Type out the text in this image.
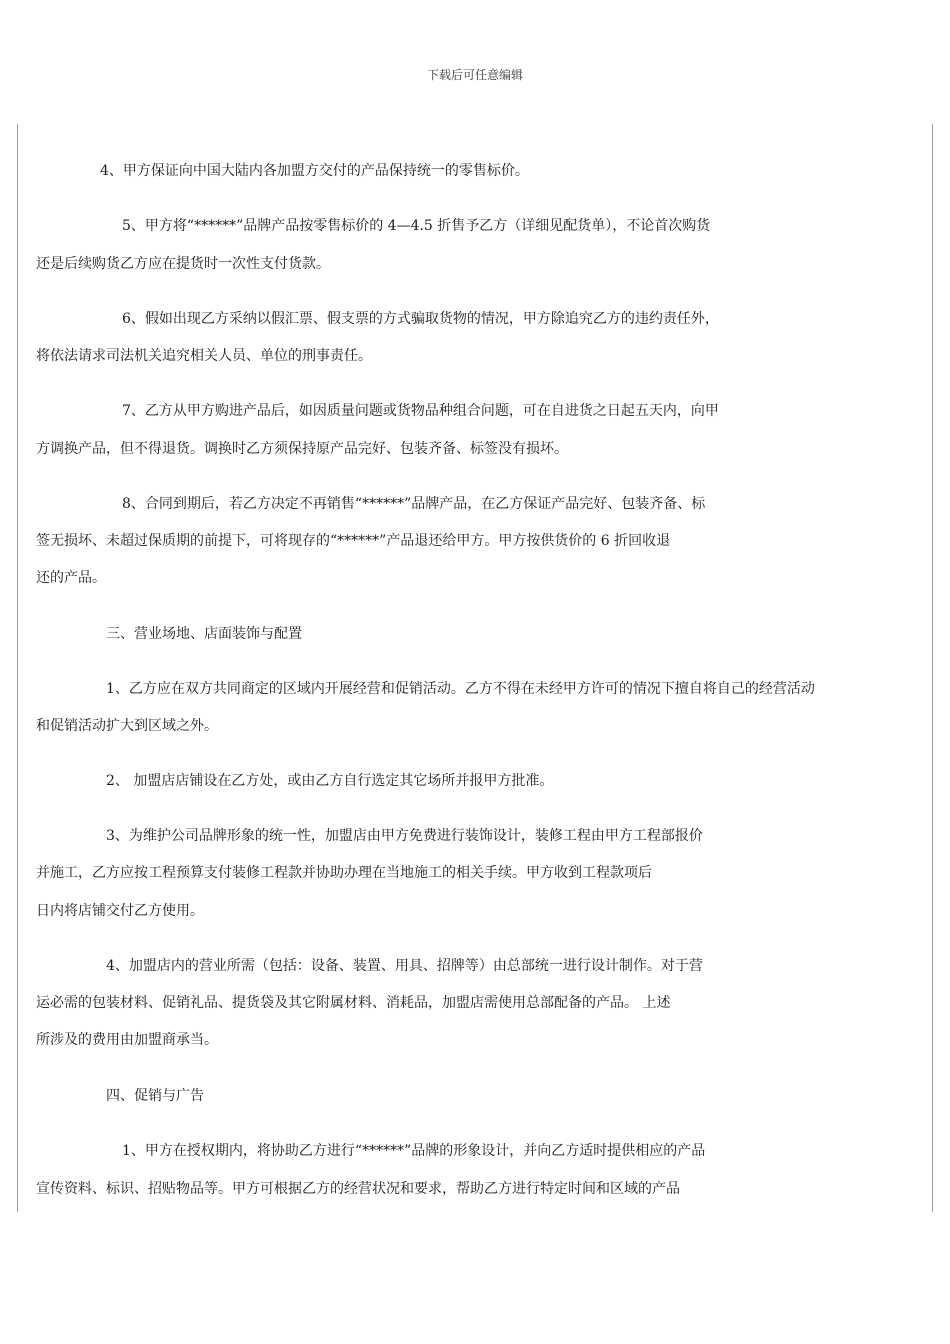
下载后可任意编辑
4、甲方保证向中国大陆内各加盟方交付的产品保持统一的零售标价。
5、甲方将“******”品牌产品按零售标价的 4—4.5 折售予乙方（详细见配货单），不论首次购货
还是后续购货乙方应在提货时一次性支付货款。
6、假如出现乙方采纳以假汇票、假支票的方式骗取货物的情况，甲方除追究乙方的违约责任外，
将依法请求司法机关追究相关人员、单位的刑事责任。
7、乙方从甲方购进产品后，如因质量问题或货物品种组合问题，可在自进货之日起五天内，向甲
方调换产品，但不得退货。调换时乙方须保持原产品完好、包装齐备、标签没有损坏。
8、合同到期后，若乙方决定不再销售“******”品牌产品，在乙方保证产品完好、包装齐备、标
签无损坏、未超过保质期的前提下，可将现存的“******”产品退还给甲方。甲方按供货价的 6 折回收退
还的产品。
三、营业场地、店面装饰与配置
1、乙方应在双方共同商定的区域内开展经营和促销活动。乙方不得在未经甲方许可的情况下擅自将自己的经营活动
和促销活动扩大到区域之外。
2、 加盟店店铺设在乙方处，或由乙方自行选定其它场所并报甲方批准。
3、为维护公司品牌形象的统一性，加盟店由甲方免费进行装饰设计，装修工程由甲方工程部报价
并施工，乙方应按工程预算支付装修工程款并协助办理在当地施工的相关手续。甲方收到工程款项后
日内将店铺交付乙方使用。
4、加盟店内的营业所需（包括：设备、装置、用具、招牌等）由总部统一进行设计制作。对于营
运必需的包装材料、促销礼品、提货袋及其它附属材料、消耗品，加盟店需使用总部配备的产品。 上述
所涉及的费用由加盟商承当。
四、促销与广告
1、甲方在授权期内，将协助乙方进行“******”品牌的形象设计，并向乙方适时提供相应的产品
宣传资料、标识、招贴物品等。甲方可根据乙方的经营状况和要求，帮助乙方进行特定时间和区域的产品
